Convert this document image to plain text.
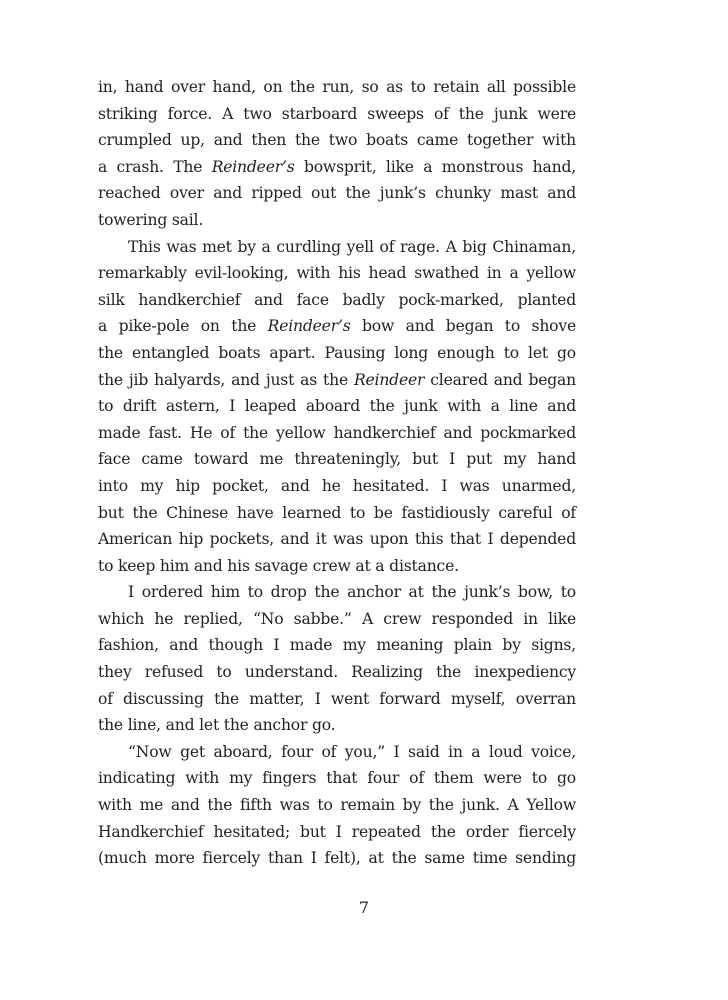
in, hand over hand, on the run, so as to retain all possible
striking force. A two starboard sweeps of the junk were
crumpled up, and then the two boats came together with
a crash. The Reindeer’s bowsprit, like a monstrous hand,
reached over and ripped out the junk’s chunky mast and
towering sail.
This was met by a curdling yell of rage. A big Chinaman,
remarkably evil-looking, with his head swathed in a yellow
silk handkerchief and face badly pock-marked, planted
a pike-pole on the Reindeer’s bow and began to shove
the entangled boats apart. Pausing long enough to let go
the jib halyards, and just as the Reindeer cleared and began
to drift astern, I leaped aboard the junk with a line and
made fast. He of the yellow handkerchief and pockmarked
face came toward me threateningly, but I put my hand
into my hip pocket, and he hesitated. I was unarmed,
but the Chinese have learned to be fastidiously careful of
American hip pockets, and it was upon this that I depended
to keep him and his savage crew at a distance.
I ordered him to drop the anchor at the junk’s bow, to
which he replied, “No sabbe.” A crew responded in like
fashion, and though I made my meaning plain by signs,
they refused to understand. Realizing the inexpediency
of discussing the matter, I went forward myself, overran
the line, and let the anchor go.
“Now get aboard, four of you,” I said in a loud voice,
indicating with my fingers that four of them were to go
with me and the fifth was to remain by the junk. A Yellow
Handkerchief hesitated; but I repeated the order fiercely
(much more fiercely than I felt), at the same time sending
7
